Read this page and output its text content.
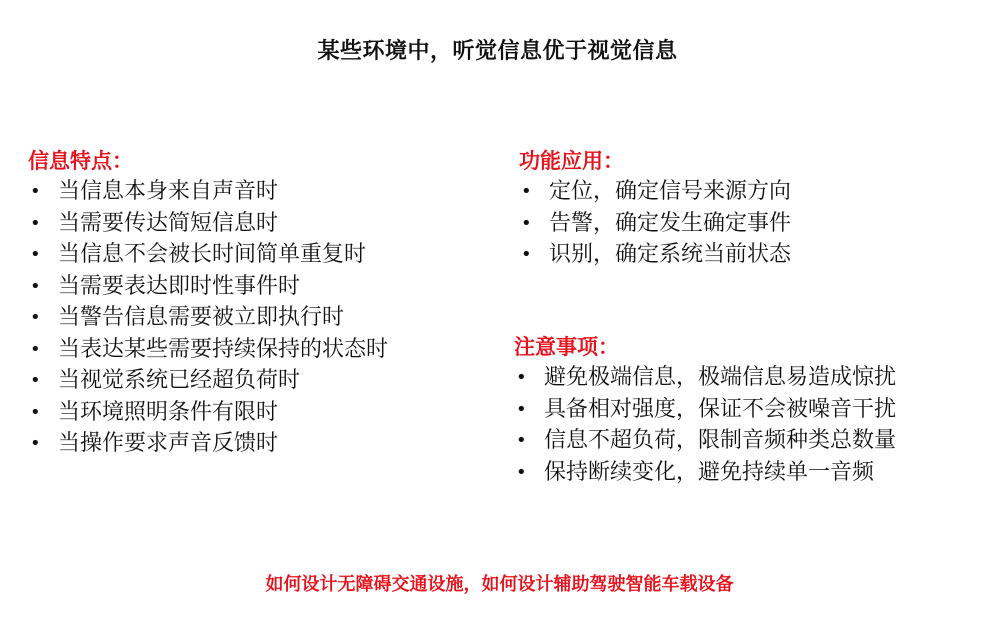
某些环境中，听觉信息优于视觉信息
信息特点：
• 当信息本身来自声音时
• 当需要传达简短信息时
• 当信息不会被长时间简单重复时
• 当需要表达即时性事件时
• 当警告信息需要被立即执行时
• 当表达某些需要持续保持的状态时
• 当视觉系统已经超负荷时
• 当环境照明条件有限时
• 当操作要求声音反馈时
功能应用：
• 定位，确定信号来源方向
• 告警，确定发生确定事件
• 识别，确定系统当前状态
注意事项：
• 避免极端信息，极端信息易造成惊扰
• 具备相对强度，保证不会被噪音干扰
• 信息不超负荷，限制音频种类总数量
• 保持断续变化，避免持续单一音频
如何设计无障碍交通设施，如何设计辅助驾驶智能车载设备
